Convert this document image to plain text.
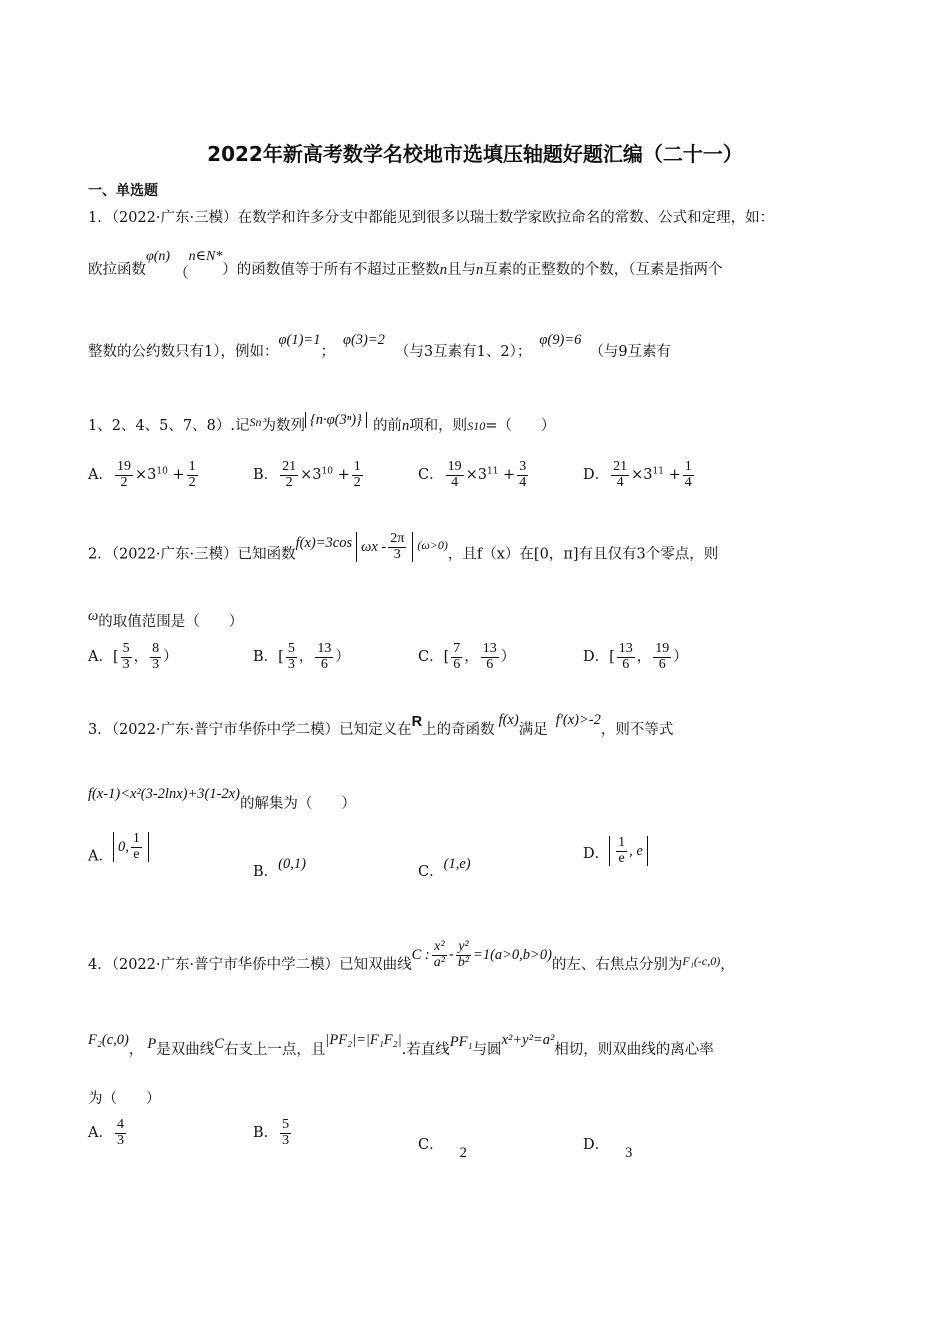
2022年新高考数学名校地市选填压轴题好题汇编（二十一）
一、单选题
1．（2022·广东·三模）在数学和许多分支中都能见到很多以瑞士数学家欧拉命名的常数、公式和定理，如：
欧拉函数φ(n)（n∈N*）的函数值等于所有不超过正整数n且与n互素的正整数的个数，（互素是指两个
整数的公约数只有1），例如：φ(1)=1；φ(3)=2（与3互素有1、2）；φ(9)=6（与9互素有
1、2、4、5、7、8）.记$^{Sn}$为数列 {n·φ(3ⁿ)} 的前n项和，则S10=（　　）
A． $\frac{19}{2} \times 3^{10} + \frac{1}{2}$	B． $\frac{21}{2} \times 3^{10} + \frac{1}{2}$	C． $\frac{19}{4} \times 3^{11} + \frac{3}{4}$	D． $\frac{21}{4} \times 3^{11} + \frac{1}{4}$
2．（2022·广东·三模）已知函数f(x)=3cos ωx - $\frac{2\pi}{3} ^{(\omega>0)}$，且f（x）在[0，π]有且仅有3个零点，则
ω的取值范围是（　　）
A．[ $\frac{5}{3}$ ， $\frac{8}{3}$ ）	B．[ $\frac{5}{3}$ ， $\frac{13}{6}$ ）	C．[ $\frac{7}{6}$ ， $\frac{13}{6}$ ）	D．[ $\frac{13}{6}$ ， $\frac{19}{6}$ ）
3．（2022·广东·普宁市华侨中学二模）已知定义在R上的奇函数f(x)满足f′(x)>-2，则不等式
f(x-1)<x²(3-2lnx)+3(1-2x)的解集为（　　）
A．
0, $\frac{1}{e}$
B．(0,1)	C．(1,e)
D． $\frac{1}{e}$ , e
4．（2022·广东·普宁市华侨中学二模）已知双曲线C : $\frac{\text{x²}}{\text{a²}} - \frac{\text{y²}}{\text{b²}} =1(a>0,b>0)$的左、右焦点分别为$^{F_1(-c,0)}$，
F₂(c,0)， P是双曲线C右支上一点，且|PF₂|=|F₁F₂|.若直线PF₁与圆x²+y²=a²相切，则双曲线的离心率
为（　　）
A． $\frac{4}{3}$	B． $\frac{5}{3}$	C． 2	D． 3
